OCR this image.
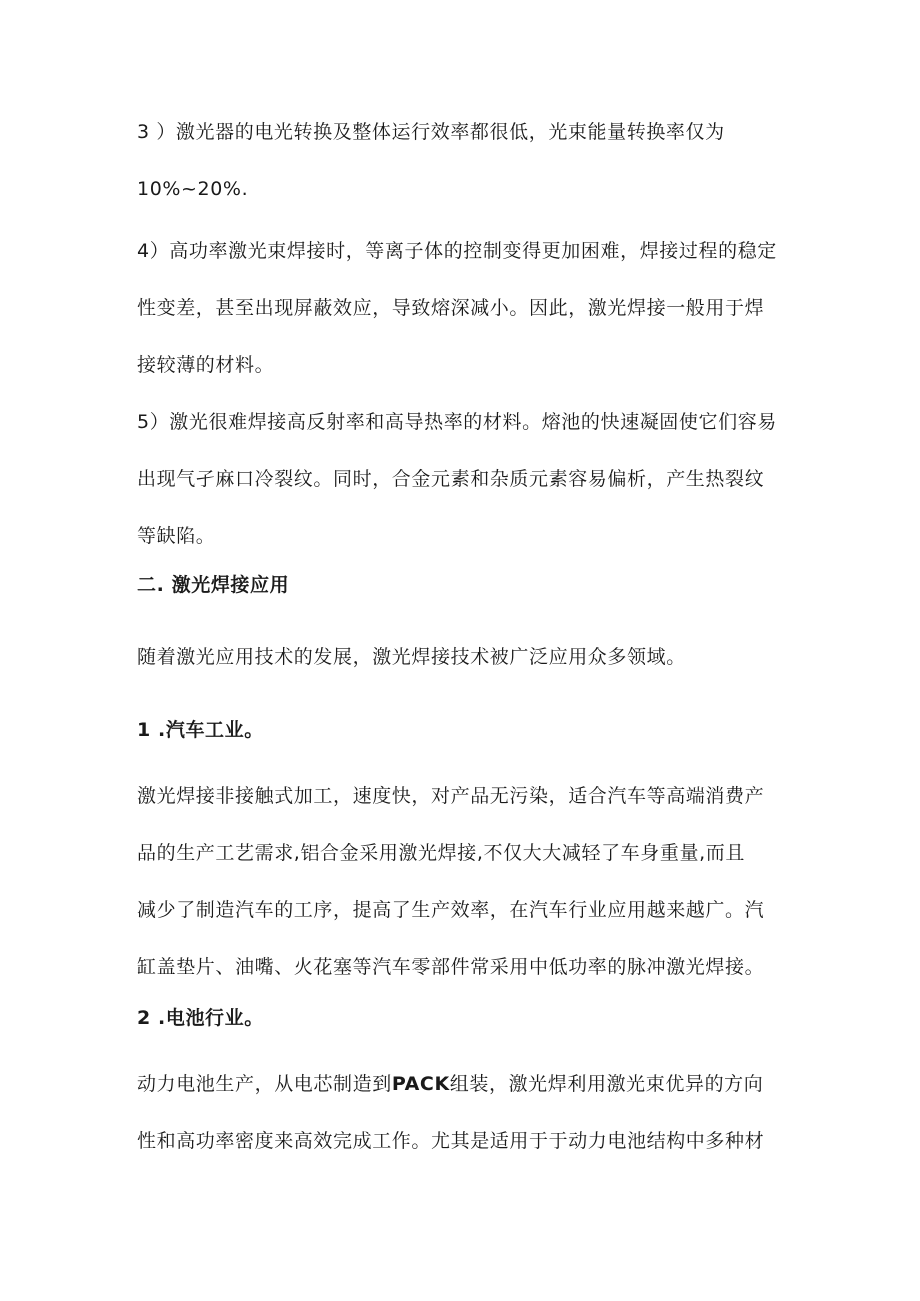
3 ）激光器的电光转换及整体运行效率都很低，光束能量转换率仅为
10%~20%.
4）高功率激光束焊接时，等离子体的控制变得更加困难，焊接过程的稳定
性变差，甚至出现屏蔽效应，导致熔深减小。因此，激光焊接一般用于焊
接较薄的材料。
5）激光很难焊接高反射率和高导热率的材料。熔池的快速凝固使它们容易
出现气孑麻口冷裂纹。同时，合金元素和杂质元素容易偏析，产生热裂纹
等缺陷。
二. 激光焊接应用
随着激光应用技术的发展，激光焊接技术被广泛应用众多领域。
1 .汽车工业。
激光焊接非接触式加工，速度快，对产品无污染，适合汽车等高端消费产
品的生产工艺需求,铝合金采用激光焊接,不仅大大减轻了车身重量,而且
减少了制造汽车的工序，提高了生产效率，在汽车行业应用越来越广。汽
缸盖垫片、油嘴、火花塞等汽车零部件常采用中低功率的脉冲激光焊接。
2 .电池行业。
动力电池生产，从电芯制造到PACK组装，激光焊利用激光束优异的方向
性和高功率密度来高效完成工作。尤其是适用于于动力电池结构中多种材
